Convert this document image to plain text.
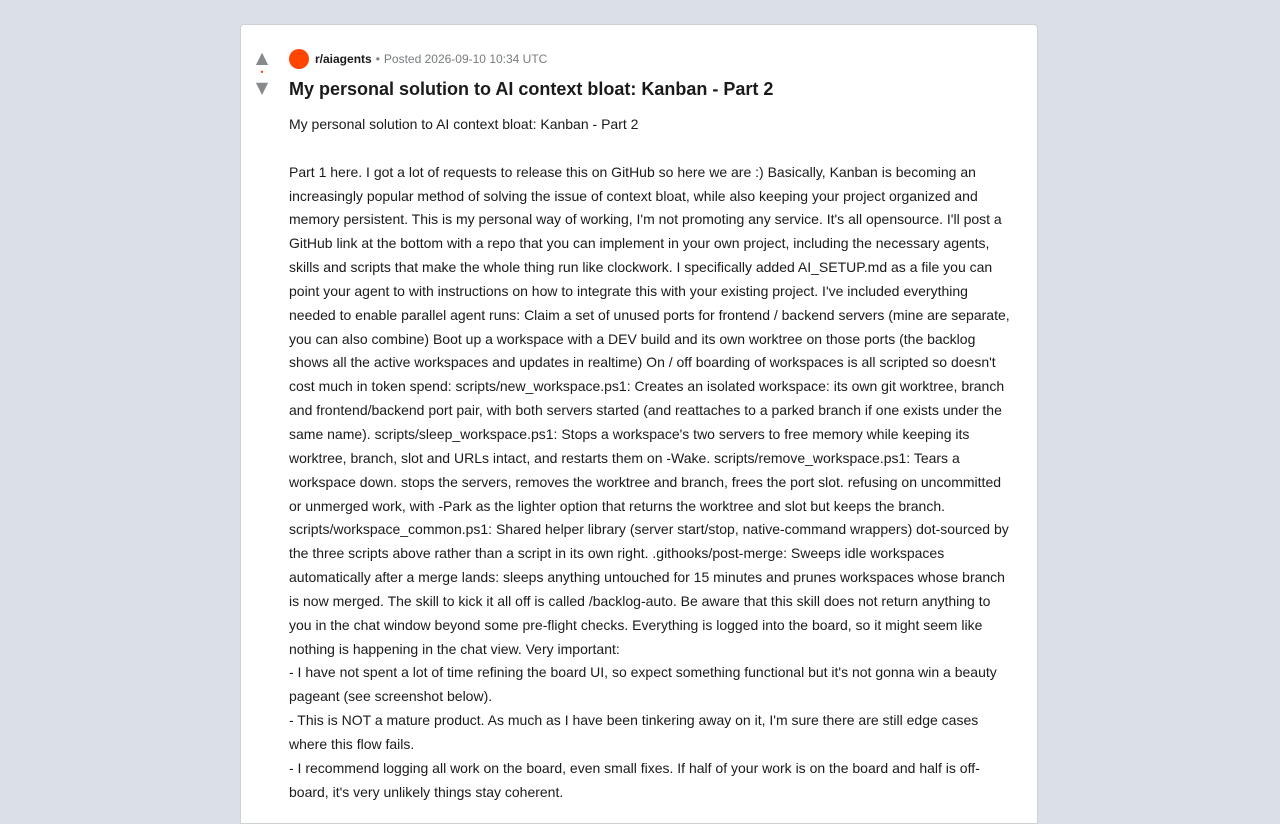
▲
•
▼
r/aiagents • Posted 2026-09-10 10:34 UTC
My personal solution to AI context bloat: Kanban - Part 2

My personal solution to AI context bloat: Kanban - Part 2

Part 1 here. I got a lot of requests to release this on GitHub so here we are :) Basically, Kanban is becoming an increasingly popular method of solving the issue of context bloat, while also keeping your project organized and memory persistent. This is my personal way of working, I'm not promoting any service. It's all opensource. I'll post a GitHub link at the bottom with a repo that you can implement in your own project, including the necessary agents, skills and scripts that make the whole thing run like clockwork. I specifically added AI_SETUP.md as a file you can point your agent to with instructions on how to integrate this with your existing project. I've included everything needed to enable parallel agent runs: Claim a set of unused ports for frontend / backend servers (mine are separate, you can also combine) Boot up a workspace with a DEV build and its own worktree on those ports (the backlog shows all the active workspaces and updates in realtime) On / off boarding of workspaces is all scripted so doesn't cost much in token spend: scripts/new_workspace.ps1: Creates an isolated workspace: its own git worktree, branch and frontend/backend port pair, with both servers started (and reattaches to a parked branch if one exists under the same name). scripts/sleep_workspace.ps1: Stops a workspace's two servers to free memory while keeping its worktree, branch, slot and URLs intact, and restarts them on -Wake. scripts/remove_workspace.ps1: Tears a workspace down. stops the servers, removes the worktree and branch, frees the port slot. refusing on uncommitted or unmerged work, with -Park as the lighter option that returns the worktree and slot but keeps the branch. scripts/workspace_common.ps1: Shared helper library (server start/stop, native-command wrappers) dot-sourced by the three scripts above rather than a script in its own right. .githooks/post-merge: Sweeps idle workspaces automatically after a merge lands: sleeps anything untouched for 15 minutes and prunes workspaces whose branch is now merged. The skill to kick it all off is called /backlog-auto. Be aware that this skill does not return anything to you in the chat window beyond some pre-flight checks. Everything is logged into the board, so it might seem like nothing is happening in the chat view. Very important:

- I have not spent a lot of time refining the board UI, so expect something functional but it's not gonna win a beauty pageant (see screenshot below).

- This is NOT a mature product. As much as I have been tinkering away on it, I'm sure there are still edge cases where this flow fails.

- I recommend logging all work on the board, even small fixes. If half of your work is on the board and half is off-board, it's very unlikely things stay coherent.
